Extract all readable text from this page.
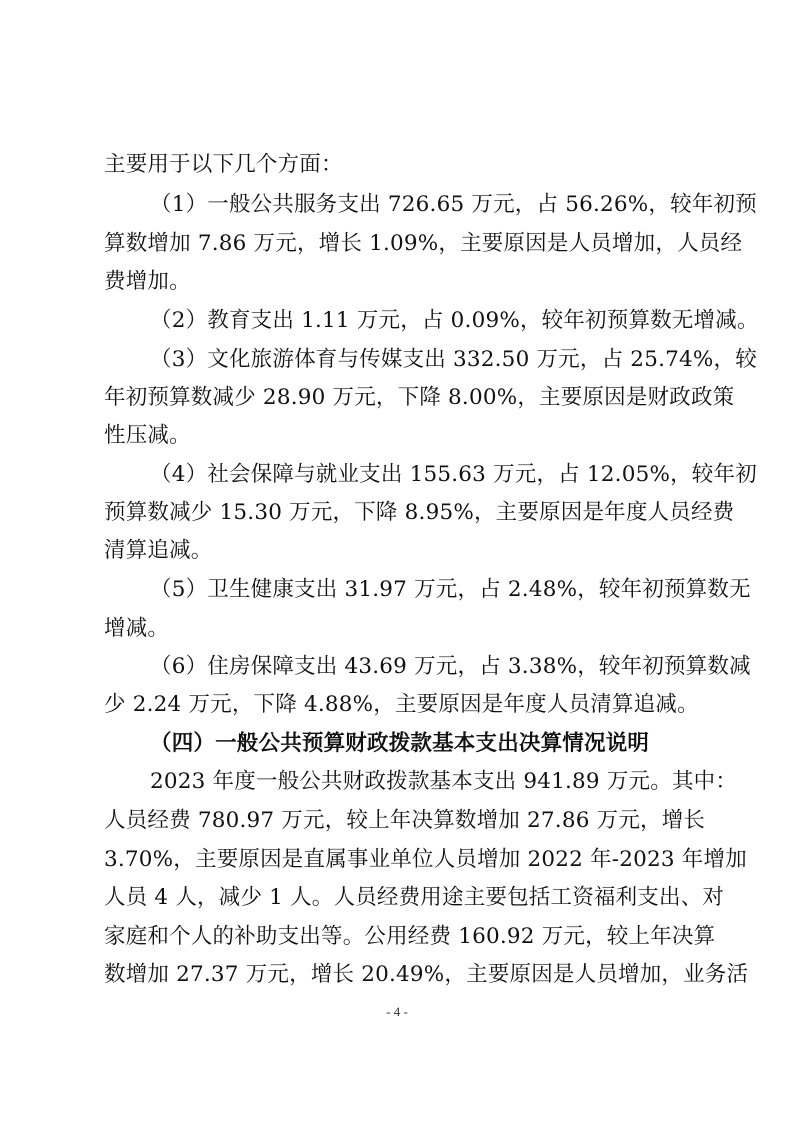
主要用于以下几个方面：
（1）一般公共服务支出 726.65 万元，占 56.26%，较年初预
算数增加 7.86 万元，增长 1.09%，主要原因是人员增加，人员经
费增加。
（2）教育支出 1.11 万元，占 0.09%，较年初预算数无增减。
（3）文化旅游体育与传媒支出 332.50 万元，占 25.74%，较
年初预算数减少 28.90 万元，下降 8.00%，主要原因是财政政策
性压减。
（4）社会保障与就业支出 155.63 万元，占 12.05%，较年初
预算数减少 15.30 万元，下降 8.95%，主要原因是年度人员经费
清算追减。
（5）卫生健康支出 31.97 万元，占 2.48%，较年初预算数无
增减。
（6）住房保障支出 43.69 万元，占 3.38%，较年初预算数减
少 2.24 万元，下降 4.88%，主要原因是年度人员清算追减。
（四）一般公共预算财政拨款基本支出决算情况说明
2023 年度一般公共财政拨款基本支出 941.89 万元。其中：
人员经费 780.97 万元，较上年决算数增加 27.86 万元，增长
3.70%，主要原因是直属事业单位人员增加 2022 年-2023 年增加
人员 4 人，减少 1 人。人员经费用途主要包括工资福利支出、对
家庭和个人的补助支出等。公用经费 160.92 万元，较上年决算
数增加 27.37 万元，增长 20.49%，主要原因是人员增加，业务活
- 4 -
